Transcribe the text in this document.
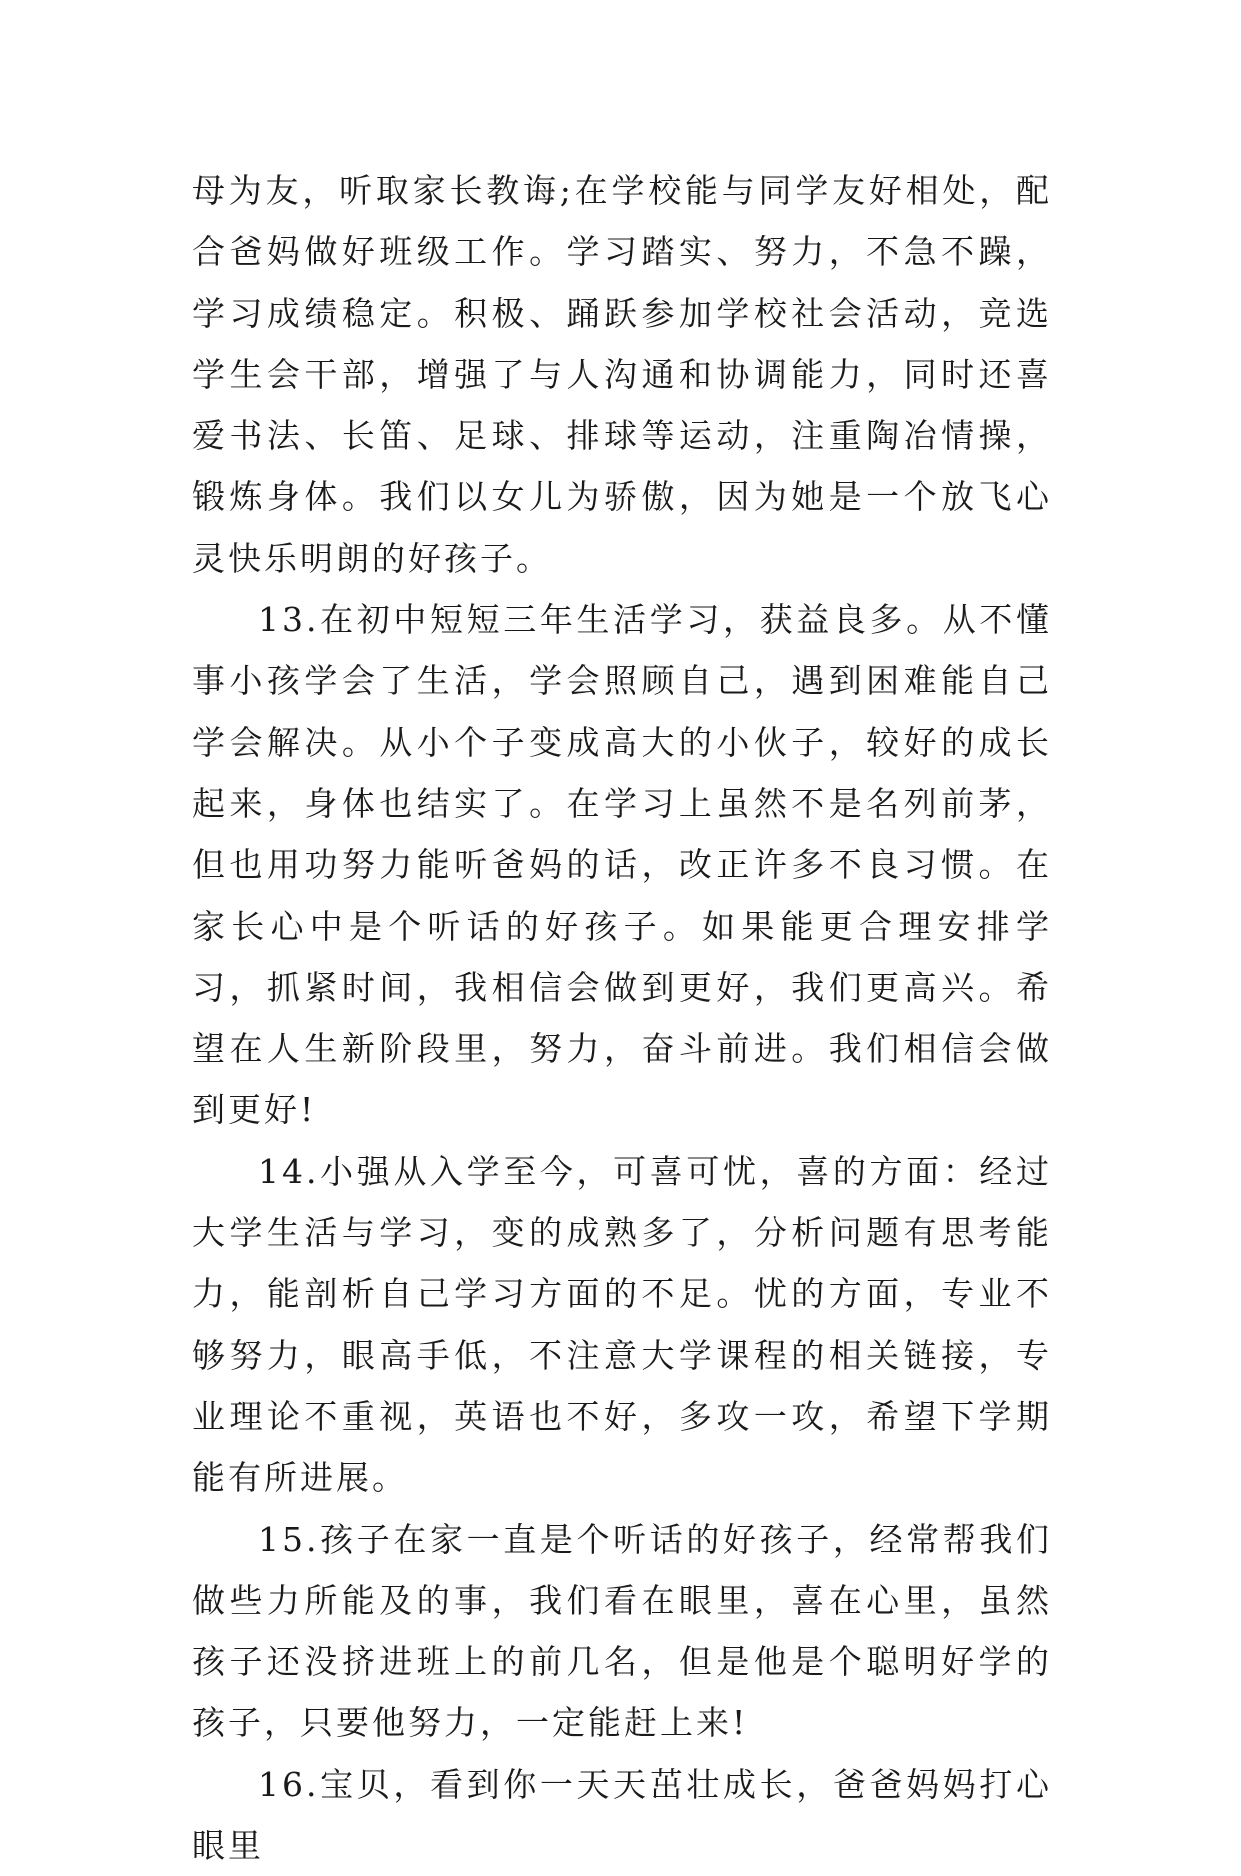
母为友，听取家长教诲;在学校能与同学友好相处，配合爸妈做好班级工作。学习踏实、努力，不急不躁，学习成绩稳定。积极、踊跃参加学校社会活动，竞选学生会干部，增强了与人沟通和协调能力，同时还喜爱书法、长笛、足球、排球等运动，注重陶冶情操，锻炼身体。我们以女儿为骄傲，因为她是一个放飞心灵快乐明朗的好孩子。

13.在初中短短三年生活学习，获益良多。从不懂事小孩学会了生活，学会照顾自己，遇到困难能自己学会解决。从小个子变成高大的小伙子，较好的成长起来，身体也结实了。在学习上虽然不是名列前茅，但也用功努力能听爸妈的话，改正许多不良习惯。在家长心中是个听话的好孩子。如果能更合理安排学习，抓紧时间，我相信会做到更好，我们更高兴。希望在人生新阶段里，努力，奋斗前进。我们相信会做到更好!

14.小强从入学至今，可喜可忧，喜的方面：经过大学生活与学习，变的成熟多了，分析问题有思考能力，能剖析自己学习方面的不足。忧的方面，专业不够努力，眼高手低，不注意大学课程的相关链接，专业理论不重视，英语也不好，多攻一攻，希望下学期能有所进展。

15.孩子在家一直是个听话的好孩子，经常帮我们做些力所能及的事，我们看在眼里，喜在心里，虽然孩子还没挤进班上的前几名，但是他是个聪明好学的孩子，只要他努力，一定能赶上来!

16.宝贝，看到你一天天茁壮成长，爸爸妈妈打心眼里
